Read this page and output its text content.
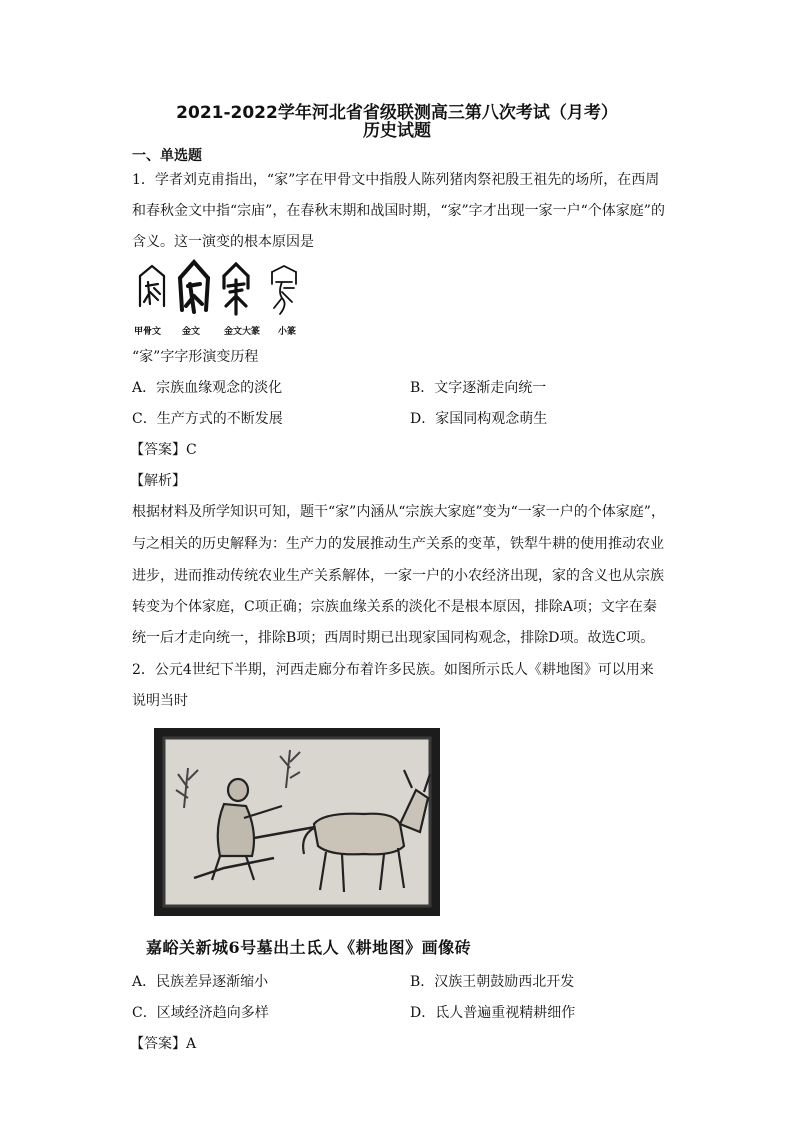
2021-2022学年河北省省级联测高三第八次考试（月考）
历史试题
一、单选题
1．学者刘克甫指出，“家”字在甲骨文中指殷人陈列猪肉祭祀殷王祖先的场所，在西周
和春秋金文中指“宗庙”，在春秋末期和战国时期，“家”字才出现一家一户“个体家庭”的
含义。这一演变的根本原因是
甲骨文 金文	金文大篆 小篆
“家”字字形演变历程
A．宗族血缘观念的淡化	B．文字逐渐走向统一
C．生产方式的不断发展	D．家国同构观念萌生
【答案】C
【解析】
根据材料及所学知识可知，题干“家”内涵从“宗族大家庭”变为“一家一户的个体家庭”，
与之相关的历史解释为：生产力的发展推动生产关系的变革，铁犁牛耕的使用推动农业
进步，进而推动传统农业生产关系解体，一家一户的小农经济出现，家的含义也从宗族
转变为个体家庭，C项正确；宗族血缘关系的淡化不是根本原因，排除A项；文字在秦
统一后才走向统一，排除B项；西周时期已出现家国同构观念，排除D项。故选C项。
2．公元4世纪下半期，河西走廊分布着许多民族。如图所示氐人《耕地图》可以用来
说明当时
嘉峪关新城6号墓出土氐人《耕地图》画像砖
A．民族差异逐渐缩小	B．汉族王朝鼓励西北开发
C．区域经济趋向多样	D．氐人普遍重视精耕细作
【答案】A
